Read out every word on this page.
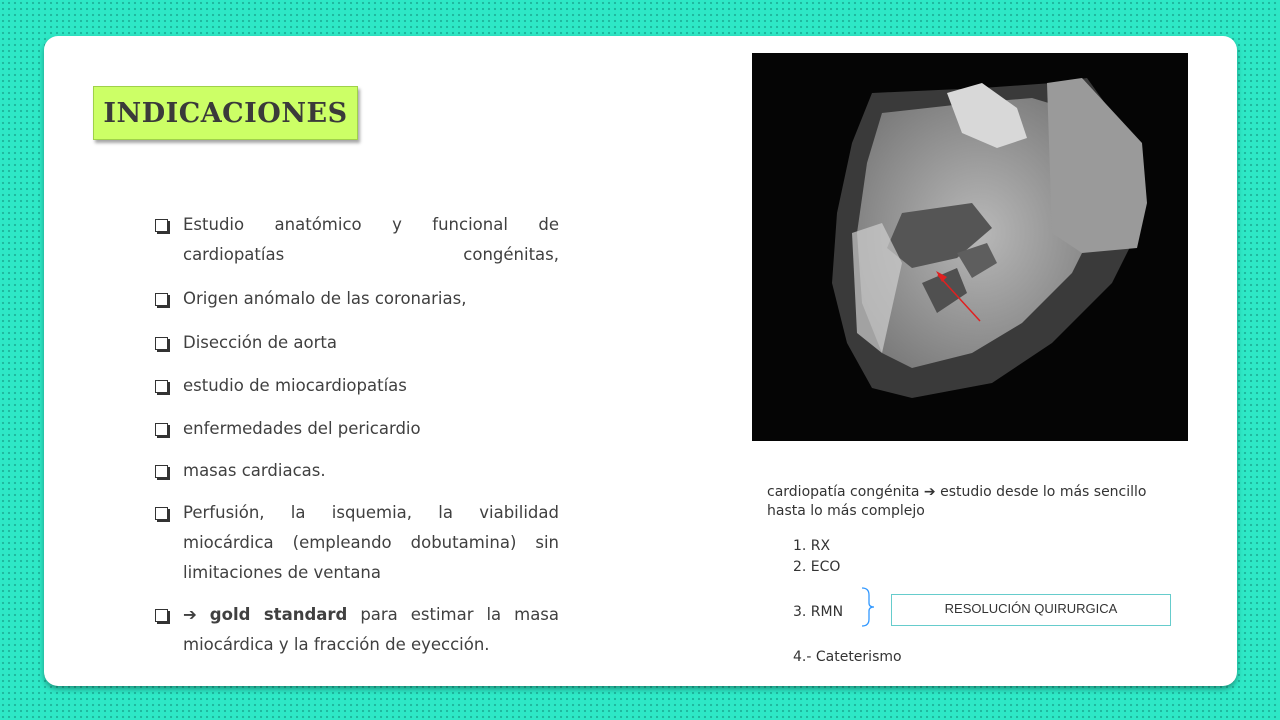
INDICACIONES
Estudio anatómico y funcional de cardiopatías congénitas,
Origen anómalo de las coronarias,
Disección de aorta
estudio de miocardiopatías
enfermedades del pericardio
masas cardiacas.
Perfusión, la isquemia, la viabilidad miocárdica (empleando dobutamina) sin limitaciones de ventana
➔ gold standard para estimar la masa miocárdica y la fracción de eyección.
cardiopatía congénita ➔ estudio desde lo más sencillo hasta lo más complejo
1. RX
2. ECO
3. RMN
4.- Cateterismo
RESOLUCIÓN QUIRURGICA
